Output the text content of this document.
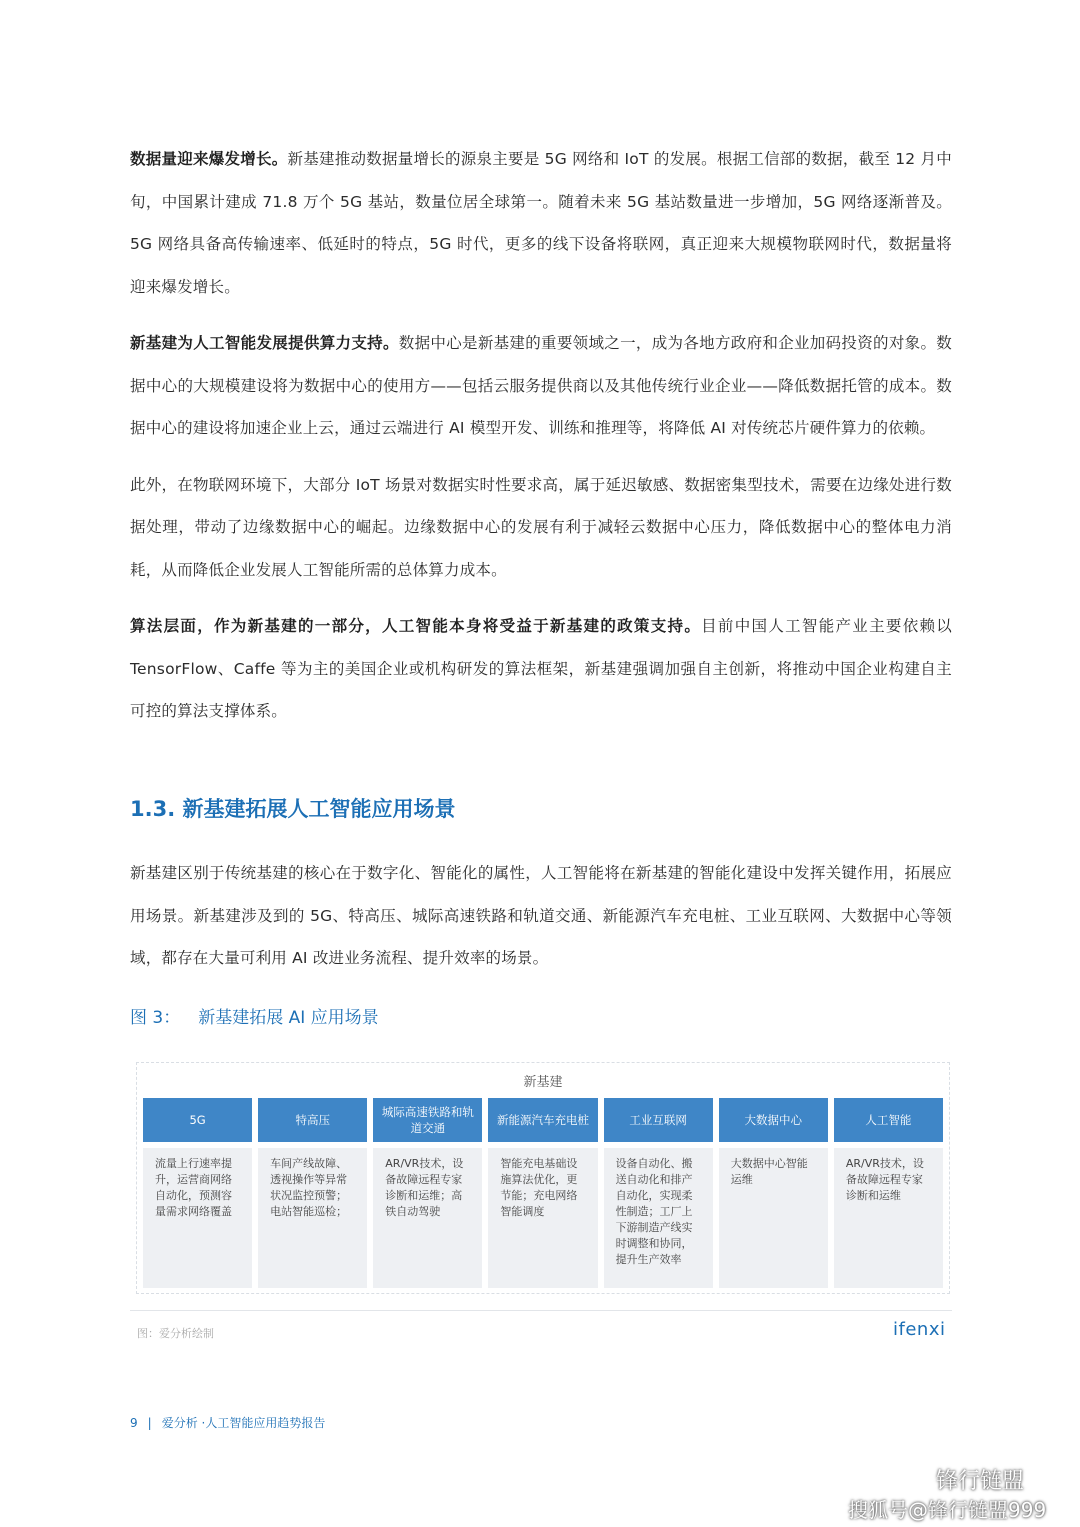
数据量迎来爆发增长。新基建推动数据量增长的源泉主要是 5G 网络和 IoT 的发展。根据工信部的数据，截至 12 月中旬，中国累计建成 71.8 万个 5G 基站，数量位居全球第一。随着未来 5G 基站数量进一步增加，5G 网络逐渐普及。5G 网络具备高传输速率、低延时的特点，5G 时代，更多的线下设备将联网，真正迎来大规模物联网时代，数据量将迎来爆发增长。

新基建为人工智能发展提供算力支持。数据中心是新基建的重要领域之一，成为各地方政府和企业加码投资的对象。数据中心的大规模建设将为数据中心的使用方——包括云服务提供商以及其他传统行业企业——降低数据托管的成本。数据中心的建设将加速企业上云，通过云端进行 AI 模型开发、训练和推理等，将降低 AI 对传统芯片硬件算力的依赖。

此外，在物联网环境下，大部分 IoT 场景对数据实时性要求高，属于延迟敏感、数据密集型技术，需要在边缘处进行数据处理，带动了边缘数据中心的崛起。边缘数据中心的发展有利于减轻云数据中心压力，降低数据中心的整体电力消耗，从而降低企业发展人工智能所需的总体算力成本。

算法层面，作为新基建的一部分，人工智能本身将受益于新基建的政策支持。目前中国人工智能产业主要依赖以 TensorFlow、Caffe 等为主的美国企业或机构研发的算法框架，新基建强调加强自主创新，将推动中国企业构建自主可控的算法支撑体系。

1.3. 新基建拓展人工智能应用场景

新基建区别于传统基建的核心在于数字化、智能化的属性，人工智能将在新基建的智能化建设中发挥关键作用，拓展应用场景。新基建涉及到的 5G、特高压、城际高速铁路和轨道交通、新能源汽车充电桩、工业互联网、大数据中心等领域，都存在大量可利用 AI 改进业务流程、提升效率的场景。

图 3： 新基建拓展 AI 应用场景
新基建
5G
流量上行速率提升，运营商网络自动化，预测容量需求网络覆盖
特高压
车间产线故障、透视操作等异常状况监控预警；电站智能巡检；
城际高速铁路和轨道交通
AR/VR技术，设备故障远程专家诊断和运维；高铁自动驾驶
新能源汽车充电桩
智能充电基础设施算法优化，更节能；充电网络智能调度
工业互联网
设备自动化、搬送自动化和排产自动化，实现柔性制造；工厂上下游制造产线实时调整和协同，提升生产效率
大数据中心
大数据中心智能运维
人工智能
AR/VR技术，设备故障远程专家诊断和运维
图：爱分析绘制	ifenxi
9 | 爱分析 ·人工智能应用趋势报告
锋行链盟
搜狐号@锋行链盟999
